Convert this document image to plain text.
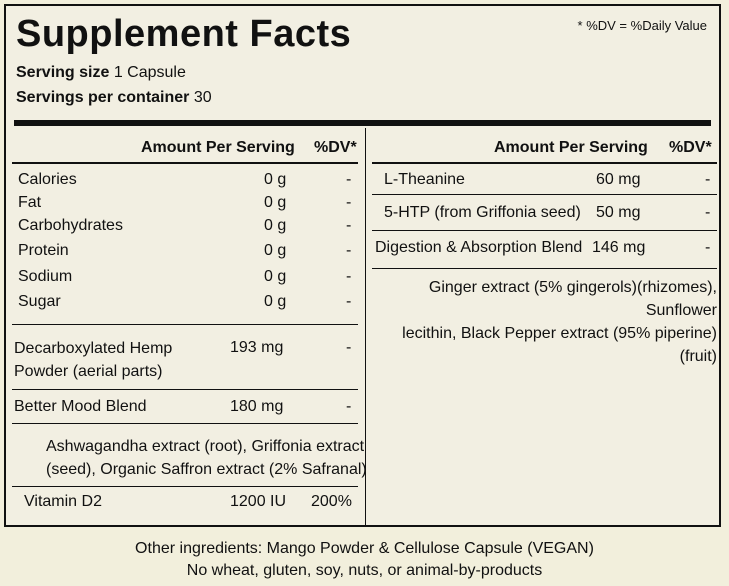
Supplement Facts	* %DV = %Daily Value
Serving size 1 Capsule
Servings per container 30
Amount Per Serving %DV*	Amount Per Serving %DV*
Calories	0 g	-
Fat	0 g	-
Carbohydrates	0 g	-
Protein	0 g	-
Sodium	0 g	-
Sugar	0 g	-
Decarboxylated Hemp
Powder (aerial parts)
193 mg	-
Better Mood Blend	180 mg	-
Ashwagandha extract (root), Griffonia extract
(seed), Organic Saffron extract (2% Safranal)
Vitamin D2	1200 IU 200%
L-Theanine	60 mg	-
5-HTP (from Griffonia seed) 50 mg	-
Digestion & Absorption Blend 146 mg	-
Ginger extract (5% gingerols)(rhizomes), Sunflower
lecithin, Black Pepper extract (95% piperine)(fruit)
Other ingredients: Mango Powder & Cellulose Capsule (VEGAN)
No wheat, gluten, soy, nuts, or animal-by-products
